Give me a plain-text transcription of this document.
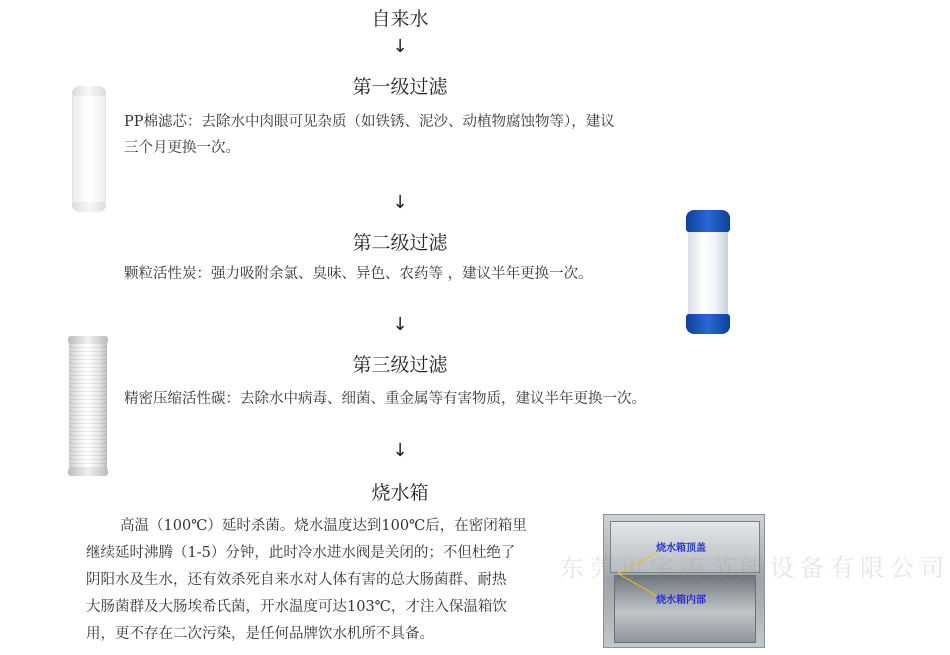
自来水
↓
第一级过滤
PP棉滤芯：去除水中肉眼可见杂质（如铁锈、泥沙、动植物腐蚀物等），建议
三个月更换一次。
↓
第二级过滤
颗粒活性炭：强力吸附余氯、臭味、异色、农药等 ，建议半年更换一次。
↓
第三级过滤
精密压缩活性碳：去除水中病毒、细菌、重金属等有害物质，建议半年更换一次。
↓
烧水箱
高温（100℃）延时杀菌。烧水温度达到100℃后，在密闭箱里
继续延时沸腾（1-5）分钟，此时冷水进水阀是关闭的；不但杜绝了
阴阳水及生水，还有效杀死自来水对人体有害的总大肠菌群、耐热
大肠菌群及大肠埃希氏菌，开水温度可达103℃，才注入保温箱饮
用，更不存在二次污染，是任何品牌饮水机所不具备。
烧水箱顶盖
烧水箱内部
东莞市宇涛节能设备有限公司
